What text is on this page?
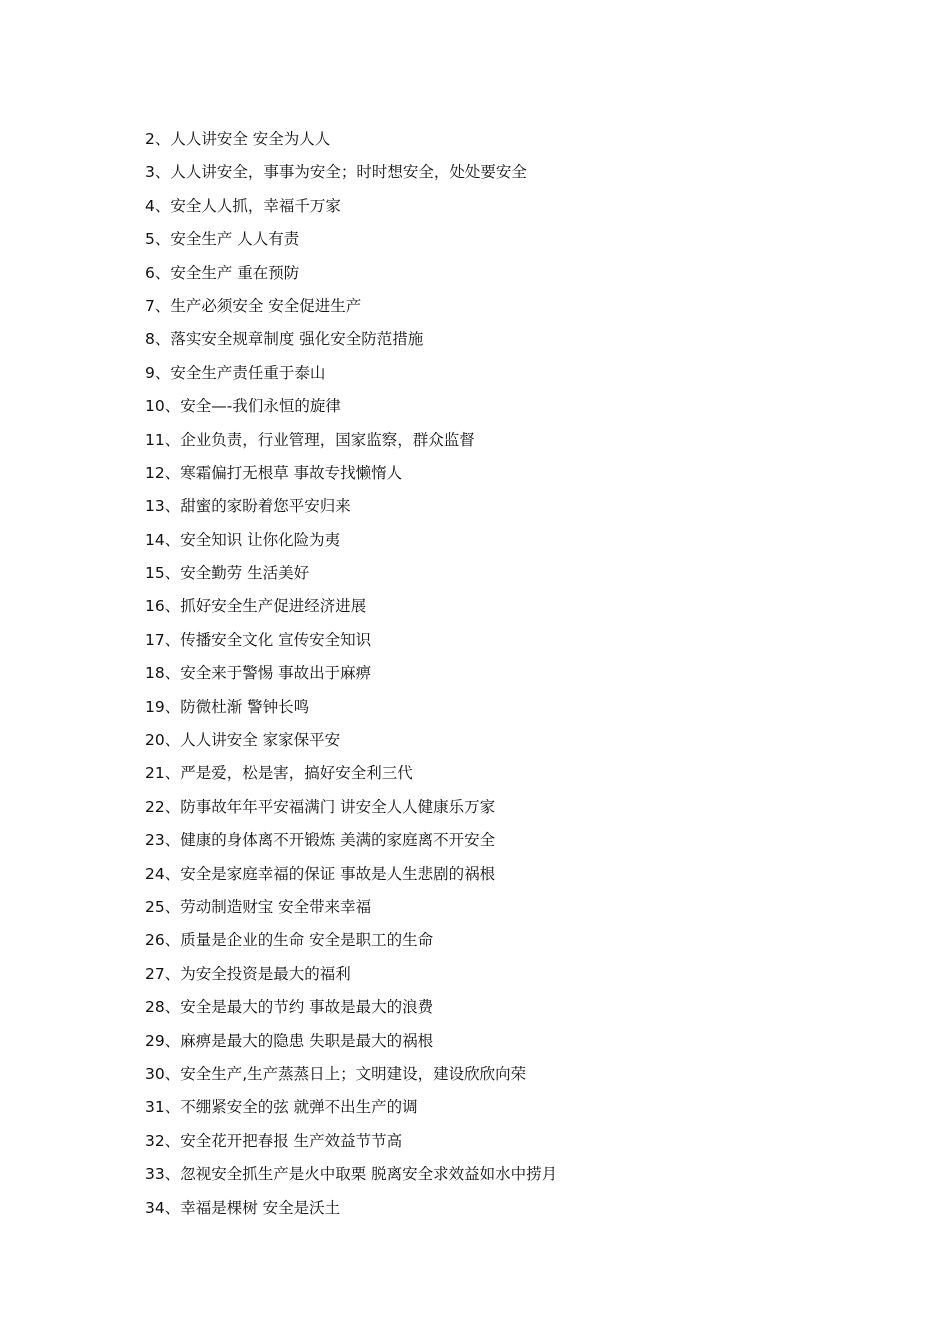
2、人人讲安全 安全为人人
3、人人讲安全，事事为安全；时时想安全，处处要安全
4、安全人人抓，幸福千万家
5、安全生产 人人有责
6、安全生产 重在预防
7、生产必须安全 安全促进生产
8、落实安全规章制度 强化安全防范措施
9、安全生产责任重于泰山
10、安全—-我们永恒的旋律
11、企业负责，行业管理，国家监察，群众监督
12、寒霜偏打无根草 事故专找懒惰人
13、甜蜜的家盼着您平安归来
14、安全知识 让你化险为夷
15、安全勤劳 生活美好
16、抓好安全生产促进经济进展
17、传播安全文化 宣传安全知识
18、安全来于警惕 事故出于麻痹
19、防微杜渐 警钟长鸣
20、人人讲安全 家家保平安
21、严是爱，松是害，搞好安全利三代
22、防事故年年平安福满门 讲安全人人健康乐万家
23、健康的身体离不开锻炼 美满的家庭离不开安全
24、安全是家庭幸福的保证 事故是人生悲剧的祸根
25、劳动制造财宝 安全带来幸福
26、质量是企业的生命 安全是职工的生命
27、为安全投资是最大的福利
28、安全是最大的节约 事故是最大的浪费
29、麻痹是最大的隐患 失职是最大的祸根
30、安全生产,生产蒸蒸日上；文明建设，建设欣欣向荣
31、不绷紧安全的弦 就弹不出生产的调
32、安全花开把春报 生产效益节节高
33、忽视安全抓生产是火中取栗 脱离安全求效益如水中捞月
34、幸福是棵树 安全是沃土
